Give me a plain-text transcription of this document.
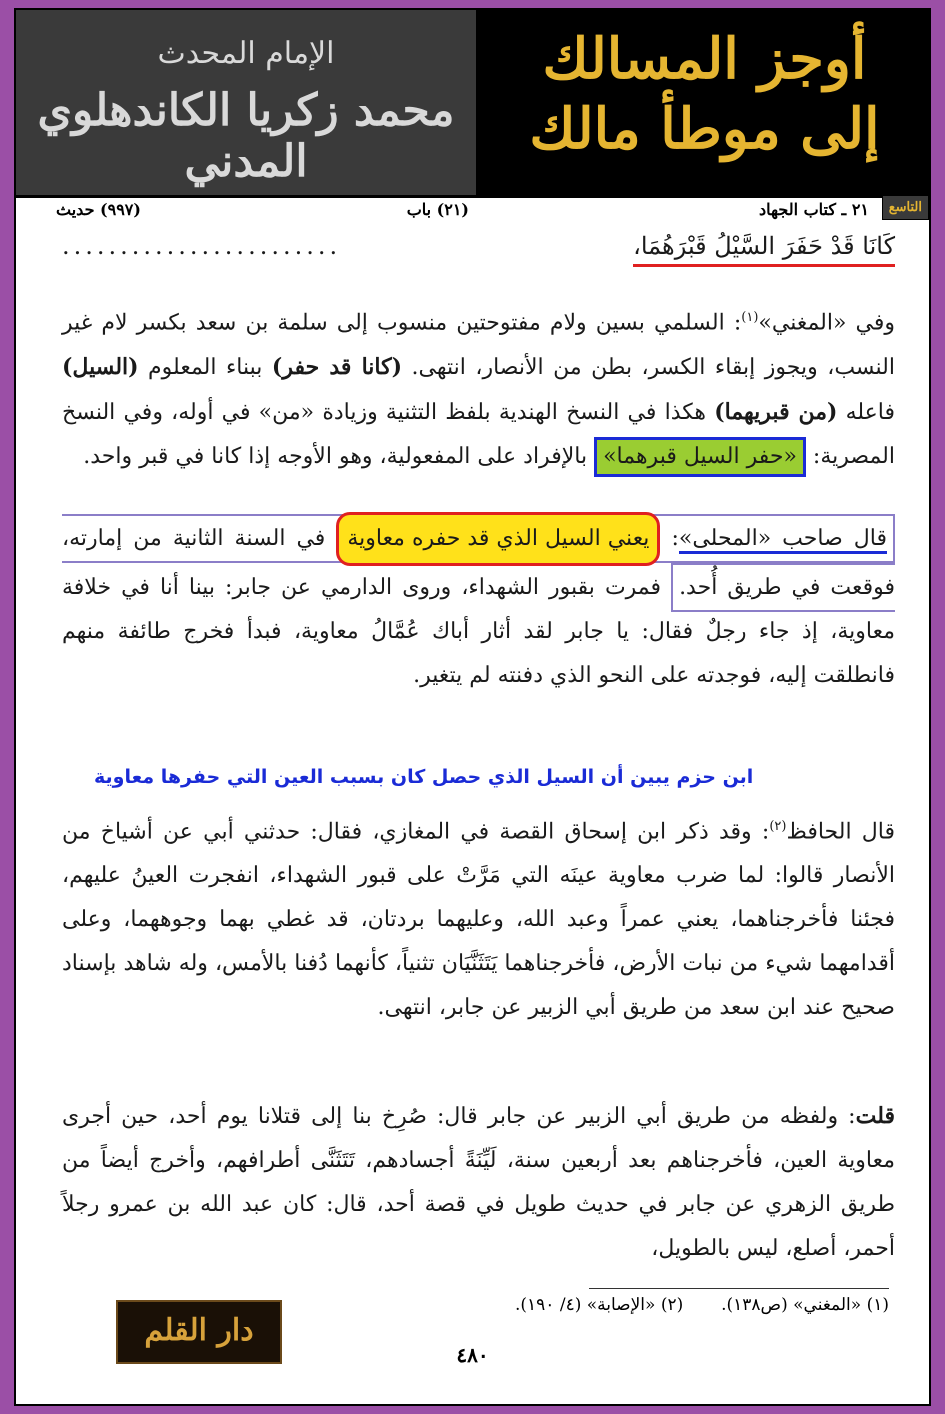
الإمام المحدث
محمد زكريا الكاندهلوي المدني
أوجز المسالك
إلى موطأ مالك
التاسع
٢١ ـ كتاب الجهاد
(٢١) باب
(٩٩٧) حديث
كَانَا قَدْ حَفَرَ السَّيْلُ قَبْرَهُمَا،
........................
وفي «المغني»$^{(١)}$: السلمي بسين ولام مفتوحتين منسوب إلى سلمة بن سعد بكسر لام غير النسب، ويجوز إبقاء الكسر، بطن من الأنصار، انتهى. (كانا قد حفر) ببناء المعلوم (السيل) فاعله (من قبريهما) هكذا في النسخ الهندية بلفظ التثنية وزيادة «من» في أوله، وفي النسخ المصرية: «حفر السيل قبرهما» بالإفراد على المفعولية، وهو الأوجه إذا كانا في قبر واحد.
قال صاحب «المحلى»: يعني السيل الذي قد حفره معاوية في السنة الثانية من إمارته، فوقعت في طريق أُحد. فمرت بقبور الشهداء، وروى الدارمي عن جابر: بينا أنا في خلافة معاوية، إذ جاء رجلٌ فقال: يا جابر لقد أثار أباك عُمَّالُ معاوية، فبدأ فخرج طائفة منهم فانطلقت إليه، فوجدته على النحو الذي دفنته لم يتغير.
ابن حزم يبين أن السيل الذي حصل كان بسبب العين التي حفرها معاوية
قال الحافظ$^{(٢)}$: وقد ذكر ابن إسحاق القصة في المغازي، فقال: حدثني أبي عن أشياخ من الأنصار قالوا: لما ضرب معاوية عينَه التي مَرَّتْ على قبور الشهداء، انفجرت العينُ عليهم، فجئنا فأخرجناهما، يعني عمراً وعبد الله، وعليهما بردتان، قد غطي بهما وجوههما، وعلى أقدامهما شيء من نبات الأرض، فأخرجناهما يَتَثَنَّيَان تثنياً، كأنهما دُفنا بالأمس، وله شاهد بإسناد صحيح عند ابن سعد من طريق أبي الزبير عن جابر، انتهى.
قلت: ولفظه من طريق أبي الزبير عن جابر قال: صُرِخ بنا إلى قتلانا يوم أحد، حين أجرى معاوية العين، فأخرجناهم بعد أربعين سنة، لَيِّنَةً أجسادهم، تَتَثَنَّى أطرافهم، وأخرج أيضاً من طريق الزهري عن جابر في حديث طويل في قصة أحد، قال: كان عبد الله بن عمرو رجلاً أحمر، أصلع، ليس بالطويل،
(١) «المغني» (ص١٣٨).       (٢) «الإصابة» (٤/ ١٩٠).
دار القلم
٤٨٠
